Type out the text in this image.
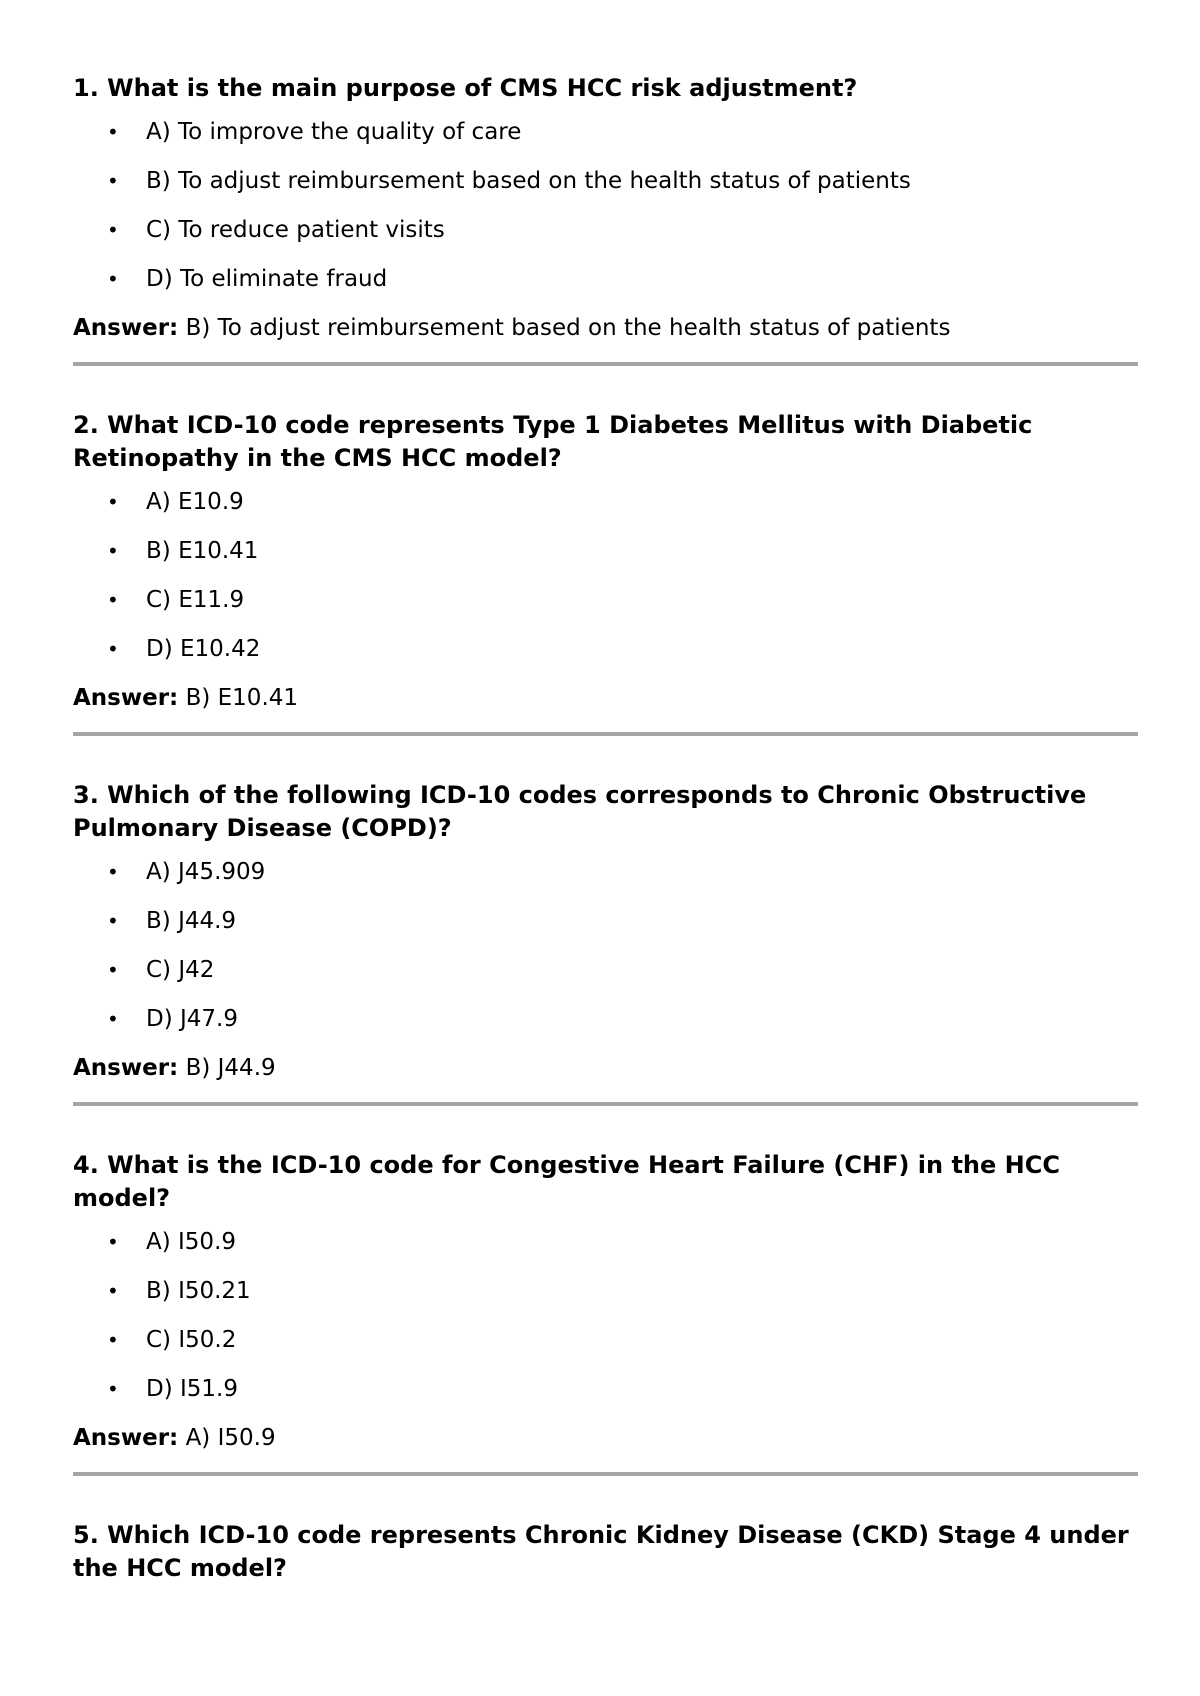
1. What is the main purpose of CMS HCC risk adjustment?

• A) To improve the quality of care
• B) To adjust reimbursement based on the health status of patients
• C) To reduce patient visits
• D) To eliminate fraud

Answer: B) To adjust reimbursement based on the health status of patients

2. What ICD-10 code represents Type 1 Diabetes Mellitus with Diabetic Retinopathy in the CMS HCC model?

• A) E10.9
• B) E10.41
• C) E11.9
• D) E10.42

Answer: B) E10.41

3. Which of the following ICD-10 codes corresponds to Chronic Obstructive Pulmonary Disease (COPD)?

• A) J45.909
• B) J44.9
• C) J42
• D) J47.9

Answer: B) J44.9

4. What is the ICD-10 code for Congestive Heart Failure (CHF) in the HCC model?

• A) I50.9
• B) I50.21
• C) I50.2
• D) I51.9

Answer: A) I50.9

5. Which ICD-10 code represents Chronic Kidney Disease (CKD) Stage 4 under the HCC model?
